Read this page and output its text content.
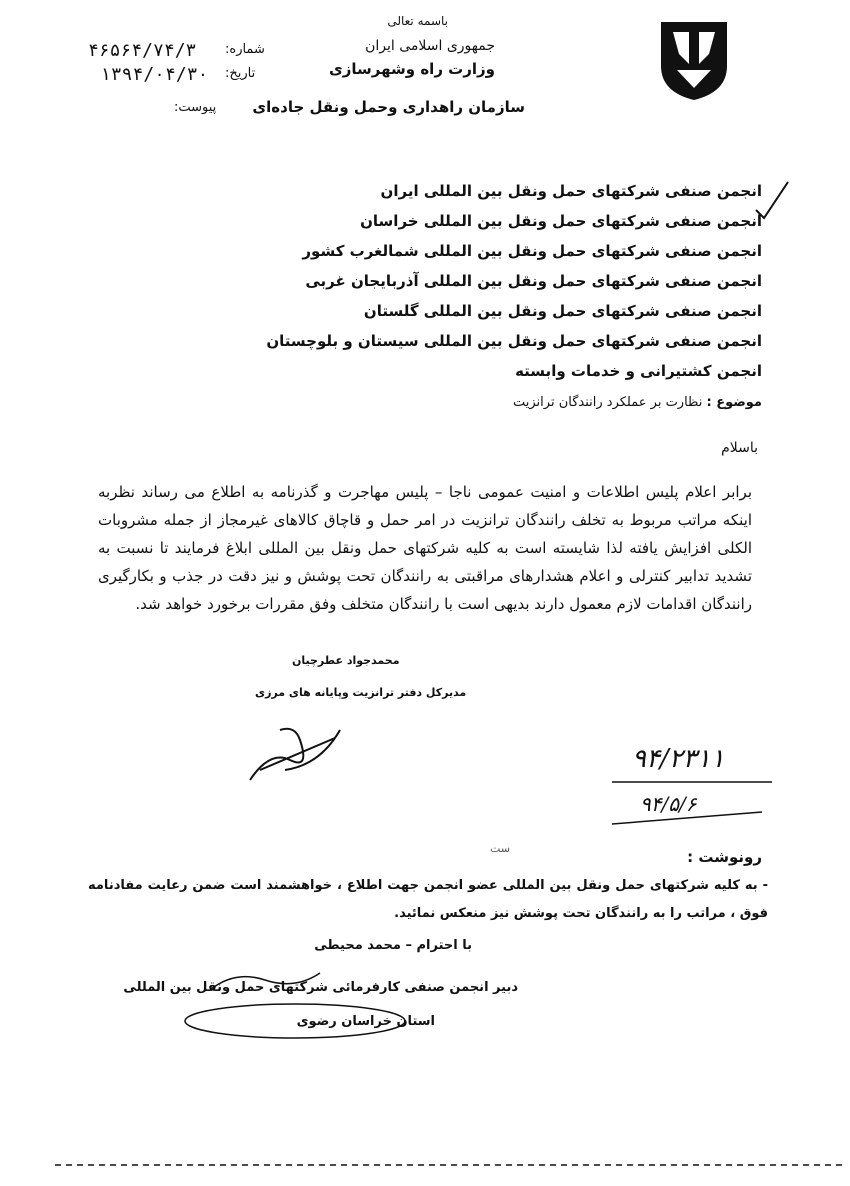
باسمه تعالی
جمهوری اسلامی ایران
وزارت راه وشهرسازی
سازمان راهداری وحمل ونقل جاده‌ای
شماره:
۴۶۵۶۴/۷۴/۳
تاریخ:
۱۳۹۴/۰۴/۳۰
پیوست:
انجمن صنفی شرکتهای حمل ونقل بین المللی ایران
انجمن صنفی شرکتهای حمل ونقل بین المللی خراسان
انجمن صنفی شرکتهای حمل ونقل بین المللی شمالغرب کشور
انجمن صنفی شرکتهای حمل ونقل بین المللی آذربایجان غربی
انجمن صنفی شرکتهای حمل ونقل بین المللی گلستان
انجمن صنفی شرکتهای حمل ونقل بین المللی سیستان و بلوچستان
انجمن کشتیرانی و خدمات وابسته
موضوع : نظارت بر عملکرد رانندگان ترانزیت
باسلام
برابر اعلام پلیس اطلاعات و امنیت عمومی ناجا – پلیس مهاجرت و گذرنامه به اطلاع می رساند نظربه اینکه مراتب مربوط به تخلف رانندگان ترانزیت در امر حمل و قاچاق کالاهای غیرمجاز از جمله مشروبات الکلی افزایش یافته لذا شایسته است به کلیه شرکتهای حمل ونقل بین المللی ابلاغ فرمایند تا نسبت به تشدید تدابیر کنترلی و اعلام هشدارهای مراقبتی به رانندگان تحت پوشش و نیز دقت در جذب و بکارگیری رانندگان اقدامات لازم معمول دارند بدیهی است با رانندگان متخلف وفق مقررات برخورد خواهد شد.
محمدجواد عطرچیان
مدیرکل دفتر ترانزیت وپایانه های مرزی
۹۴/۲۳۱۱
۹۴/۵/۶
ست	رونوشت :
- به کلیه شرکتهای حمل ونقل بین المللی عضو انجمن جهت اطلاع ، خواهشمند است ضمن رعایت مفادنامه فوق ، مراتب را به رانندگان تحت پوشش نیز منعکس نمائید.
با احترام – محمد محیطی
دبیر انجمن صنفی کارفرمائی شرکتهای حمل ونقل بین المللی
استان خراسان رضوی
